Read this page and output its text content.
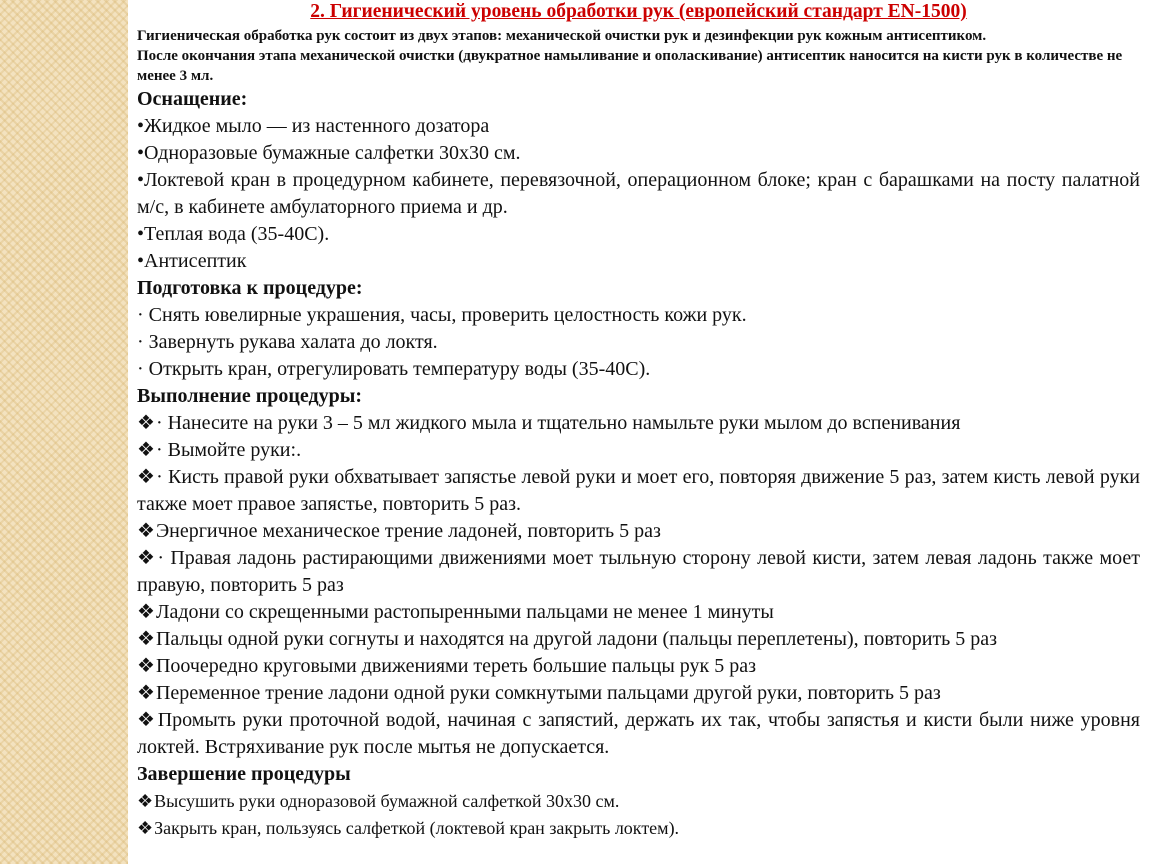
2. Гигиенический уровень обработки рук (европейский стандарт EN-1500)

Гигиеническая обработка рук состоит из двух этапов: механической очистки рук и дезинфекции рук кожным антисептиком.

После окончания этапа механической очистки (двукратное намыливание и ополаскивание) антисептик наносится на кисти рук в количестве не менее 3 мл.

Оснащение:

•Жидкое мыло — из настенного дозатора

•Одноразовые бумажные салфетки 30х30 см.

•Локтевой кран в процедурном кабинете, перевязочной, операционном блоке; кран с барашками на посту палатной м/с, в кабинете амбулаторного приема и др.

•Теплая вода (35-40С).

•Антисептик

Подготовка к процедуре:

· Снять ювелирные украшения, часы, проверить целостность кожи рук.

· Завернуть рукава халата до локтя.

· Открыть кран, отрегулировать температуру воды (35-40С).

Выполнение процедуры:

❖· Нанесите на руки 3 – 5 мл жидкого мыла и тщательно намыльте руки мылом до вспенивания

❖· Вымойте руки:.

❖· Кисть правой руки обхватывает запястье левой руки и моет его, повторяя движение 5 раз, затем кисть левой руки также моет правое запястье, повторить 5 раз.

❖Энергичное механическое трение ладоней, повторить 5 раз

❖· Правая ладонь растирающими движениями моет тыльную сторону левой кисти, затем левая ладонь также моет правую, повторить 5 раз

❖Ладони со скрещенными растопыренными пальцами не менее 1 минуты

❖Пальцы одной руки согнуты и находятся на другой ладони (пальцы переплетены), повторить 5 раз

❖Поочередно круговыми движениями тереть большие пальцы рук 5 раз

❖Переменное трение ладони одной руки сомкнутыми пальцами другой руки, повторить 5 раз

❖Промыть руки проточной водой, начиная с запястий, держать их так, чтобы запястья и кисти были ниже уровня локтей. Встряхивание рук после мытья не допускается.

Завершение процедуры

❖Высушить руки одноразовой бумажной салфеткой 30х30 см.

❖Закрыть кран, пользуясь салфеткой (локтевой кран закрыть локтем).
